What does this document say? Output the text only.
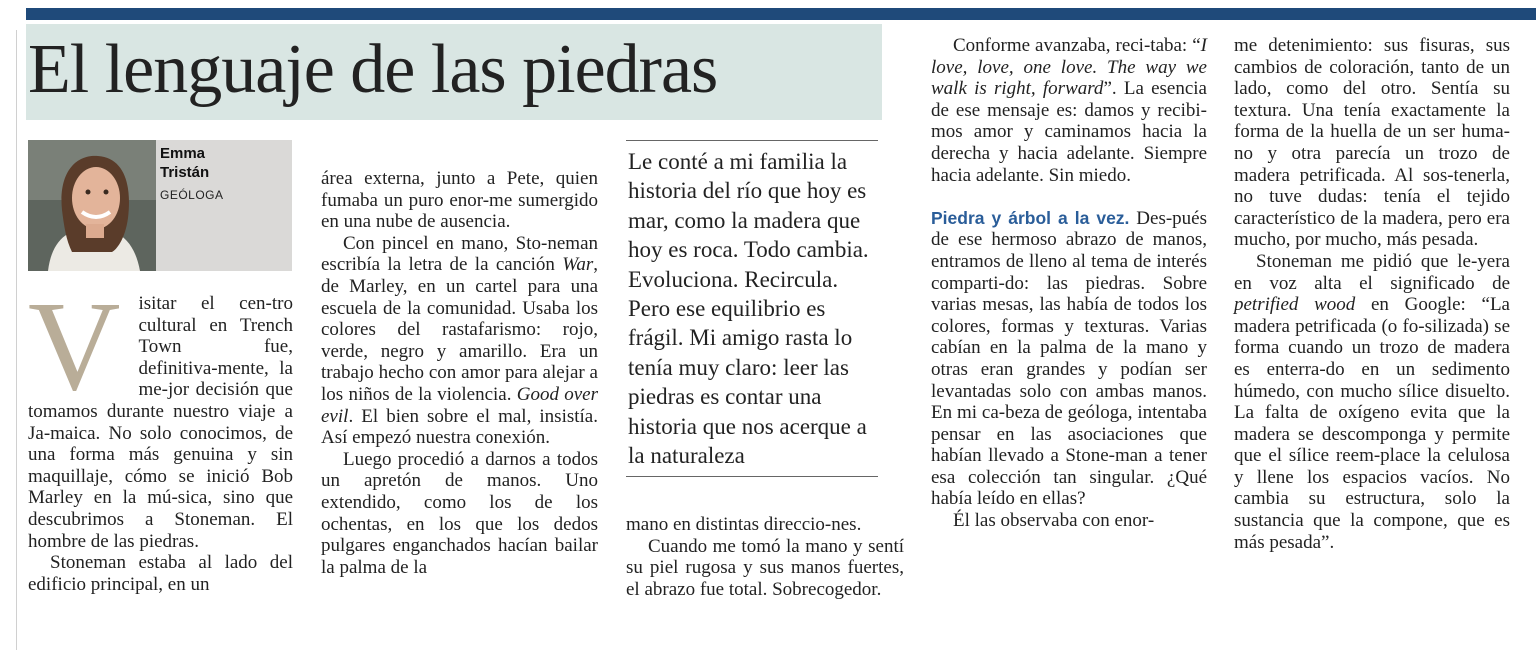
El lenguaje de las piedras
Emma
Tristán
GEÓLOGA

Visitar el cen-tro cultural en Trench Town fue, definitiva-mente, la me-jor decisión que tomamos durante nuestro viaje a Ja-maica. No solo conocimos, de una forma más genuina y sin maquillaje, cómo se inició Bob Marley en la mú-sica, sino que descubrimos a Stoneman. El hombre de las piedras.

Stoneman estaba al lado del edificio principal, en un

área externa, junto a Pete, quien fumaba un puro enor-me sumergido en una nube de ausencia.

Con pincel en mano, Sto-neman escribía la letra de la canción War, de Marley, en un cartel para una escuela de la comunidad. Usaba los colores del rastafarismo: rojo, verde, negro y amarillo. Era un trabajo hecho con amor para alejar a los niños de la violencia. Good over evil. El bien sobre el mal, insistía. Así empezó nuestra conexión.

Luego procedió a darnos a todos un apretón de manos. Uno extendido, como los de los ochentas, en los que los dedos pulgares enganchados hacían bailar la palma de la

Le conté a mi familia la historia del río que hoy es mar, como la madera que hoy es roca. Todo cambia. Evoluciona. Recircula. Pero ese equilibrio es frágil. Mi amigo rasta lo tenía muy claro: leer las piedras es contar una historia que nos acerque a la naturaleza

mano en distintas direccio-nes.

Cuando me tomó la mano y sentí su piel rugosa y sus manos fuertes, el abrazo fue total. Sobrecogedor.

Conforme avanzaba, reci-taba: “I love, love, one love. The way we walk is right, forward”. La esencia de ese mensaje es: damos y recibi-mos amor y caminamos hacia la derecha y hacia adelante. Siempre hacia adelante. Sin miedo.

Piedra y árbol a la vez. Des-pués de ese hermoso abrazo de manos, entramos de lleno al tema de interés comparti-do: las piedras. Sobre varias mesas, las había de todos los colores, formas y texturas. Varias cabían en la palma de la mano y otras eran grandes y podían ser levantadas solo con ambas manos. En mi ca-beza de geóloga, intentaba pensar en las asociaciones que habían llevado a Stone-man a tener esa colección tan singular. ¿Qué había leído en ellas?

Él las observaba con enor-

me detenimiento: sus fisuras, sus cambios de coloración, tanto de un lado, como del otro. Sentía su textura. Una tenía exactamente la forma de la huella de un ser huma-no y otra parecía un trozo de madera petrificada. Al sos-tenerla, no tuve dudas: tenía el tejido característico de la madera, pero era mucho, por mucho, más pesada.

Stoneman me pidió que le-yera en voz alta el significado de petrified wood en Google: “La madera petrificada (o fo-silizada) se forma cuando un trozo de madera es enterra-do en un sedimento húmedo, con mucho sílice disuelto. La falta de oxígeno evita que la madera se descomponga y permite que el sílice reem-place la celulosa y llene los espacios vacíos. No cambia su estructura, solo la sustancia que la compone, que es más pesada”.
